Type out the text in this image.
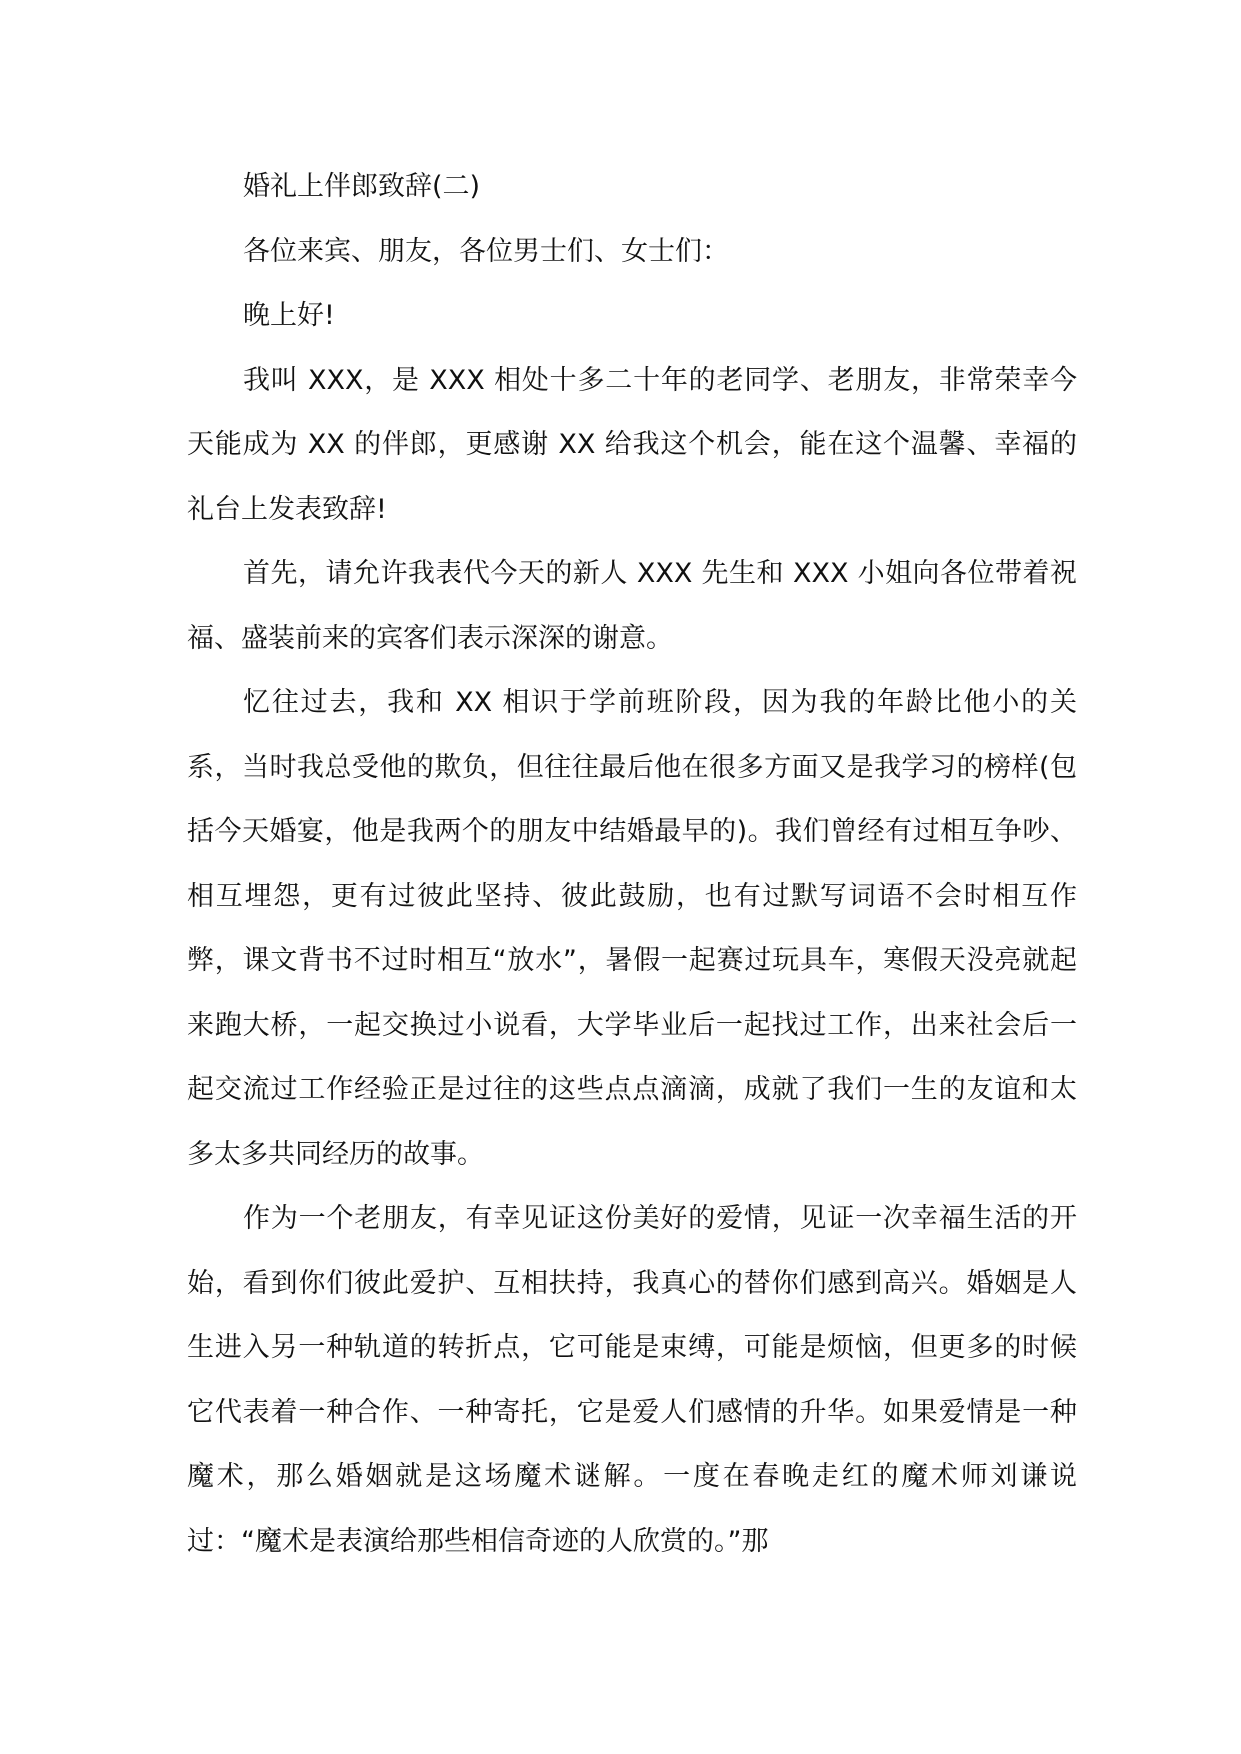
婚礼上伴郎致辞(二)

各位来宾、朋友，各位男士们、女士们：

晚上好!

我叫 XXX，是 XXX 相处十多二十年的老同学、老朋友，非常荣幸今天能成为 XX 的伴郎，更感谢 XX 给我这个机会，能在这个温馨、幸福的礼台上发表致辞!

首先，请允许我表代今天的新人 XXX 先生和 XXX 小姐向各位带着祝福、盛装前来的宾客们表示深深的谢意。

忆往过去，我和 XX 相识于学前班阶段，因为我的年龄比他小的关系，当时我总受他的欺负，但往往最后他在很多方面又是我学习的榜样(包括今天婚宴，他是我两个的朋友中结婚最早的)。我们曾经有过相互争吵、相互埋怨，更有过彼此坚持、彼此鼓励，也有过默写词语不会时相互作弊，课文背书不过时相互“放水”，暑假一起赛过玩具车，寒假天没亮就起来跑大桥，一起交换过小说看，大学毕业后一起找过工作，出来社会后一起交流过工作经验正是过往的这些点点滴滴，成就了我们一生的友谊和太多太多共同经历的故事。

作为一个老朋友，有幸见证这份美好的爱情，见证一次幸福生活的开始，看到你们彼此爱护、互相扶持，我真心的替你们感到高兴。婚姻是人生进入另一种轨道的转折点，它可能是束缚，可能是烦恼，但更多的时候它代表着一种合作、一种寄托，它是爱人们感情的升华。如果爱情是一种魔术，那么婚姻就是这场魔术谜解。一度在春晚走红的魔术师刘谦说过：“魔术是表演给那些相信奇迹的人欣赏的。”那
